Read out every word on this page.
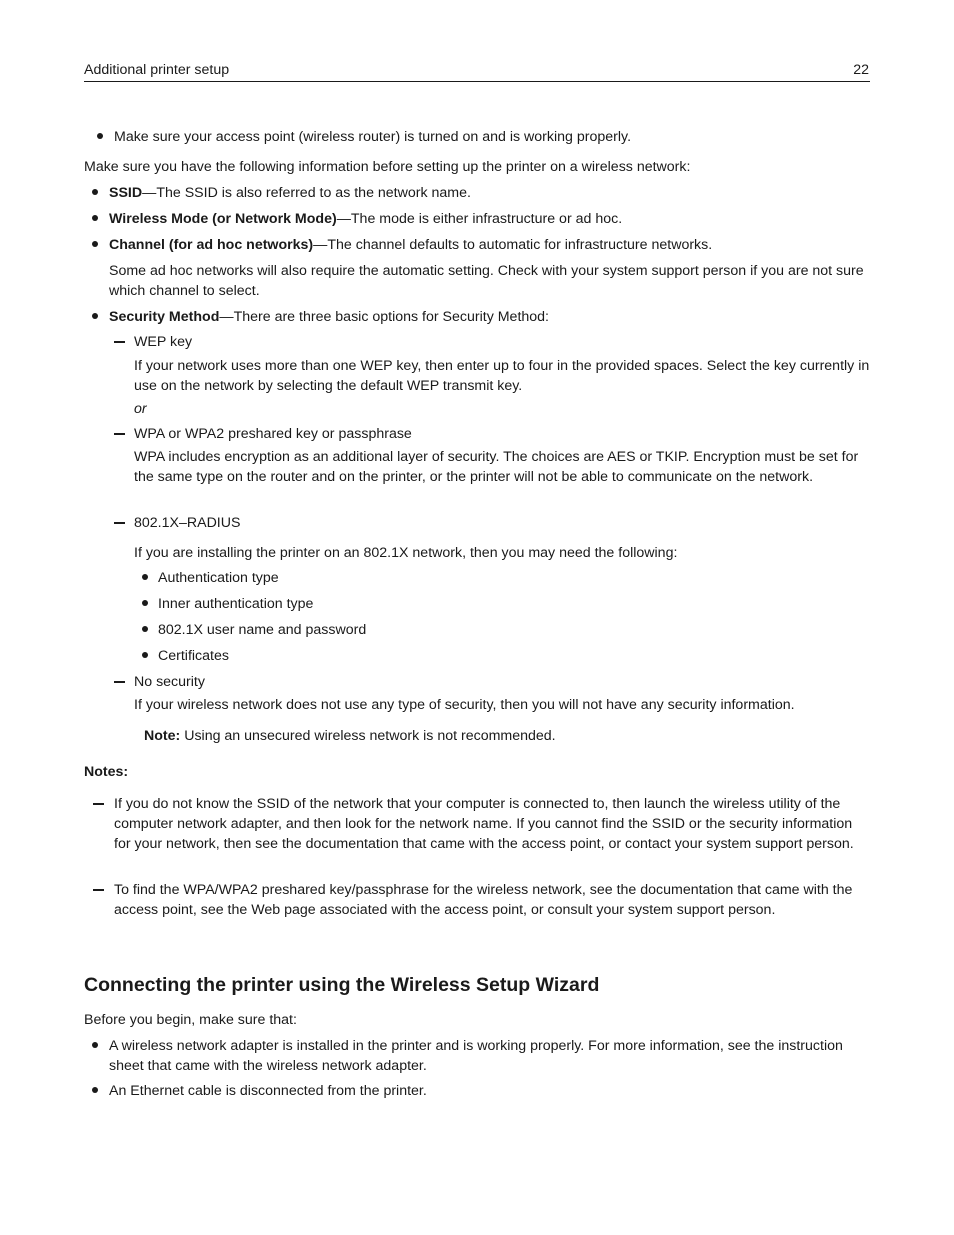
Additional printer setup	22
Make sure your access point (wireless router) is turned on and is working properly.
Make sure you have the following information before setting up the printer on a wireless network:
SSID—The SSID is also referred to as the network name.
Wireless Mode (or Network Mode)—The mode is either infrastructure or ad hoc.
Channel (for ad hoc networks)—The channel defaults to automatic for infrastructure networks.
Some ad hoc networks will also require the automatic setting. Check with your system support person if you are not sure which channel to select.
Security Method—There are three basic options for Security Method:
WEP key
If your network uses more than one WEP key, then enter up to four in the provided spaces. Select the key currently in use on the network by selecting the default WEP transmit key.
or
WPA or WPA2 preshared key or passphrase
WPA includes encryption as an additional layer of security. The choices are AES or TKIP. Encryption must be set for the same type on the router and on the printer, or the printer will not be able to communicate on the network.
802.1X–RADIUS
If you are installing the printer on an 802.1X network, then you may need the following:
Authentication type
Inner authentication type
802.1X user name and password
Certificates
No security
If your wireless network does not use any type of security, then you will not have any security information.
Note: Using an unsecured wireless network is not recommended.
Notes:
If you do not know the SSID of the network that your computer is connected to, then launch the wireless utility of the computer network adapter, and then look for the network name. If you cannot find the SSID or the security information for your network, then see the documentation that came with the access point, or contact your system support person.
To find the WPA/WPA2 preshared key/passphrase for the wireless network, see the documentation that came with the access point, see the Web page associated with the access point, or consult your system support person.
Connecting the printer using the Wireless Setup Wizard
Before you begin, make sure that:
A wireless network adapter is installed in the printer and is working properly. For more information, see the instruction sheet that came with the wireless network adapter.
An Ethernet cable is disconnected from the printer.
